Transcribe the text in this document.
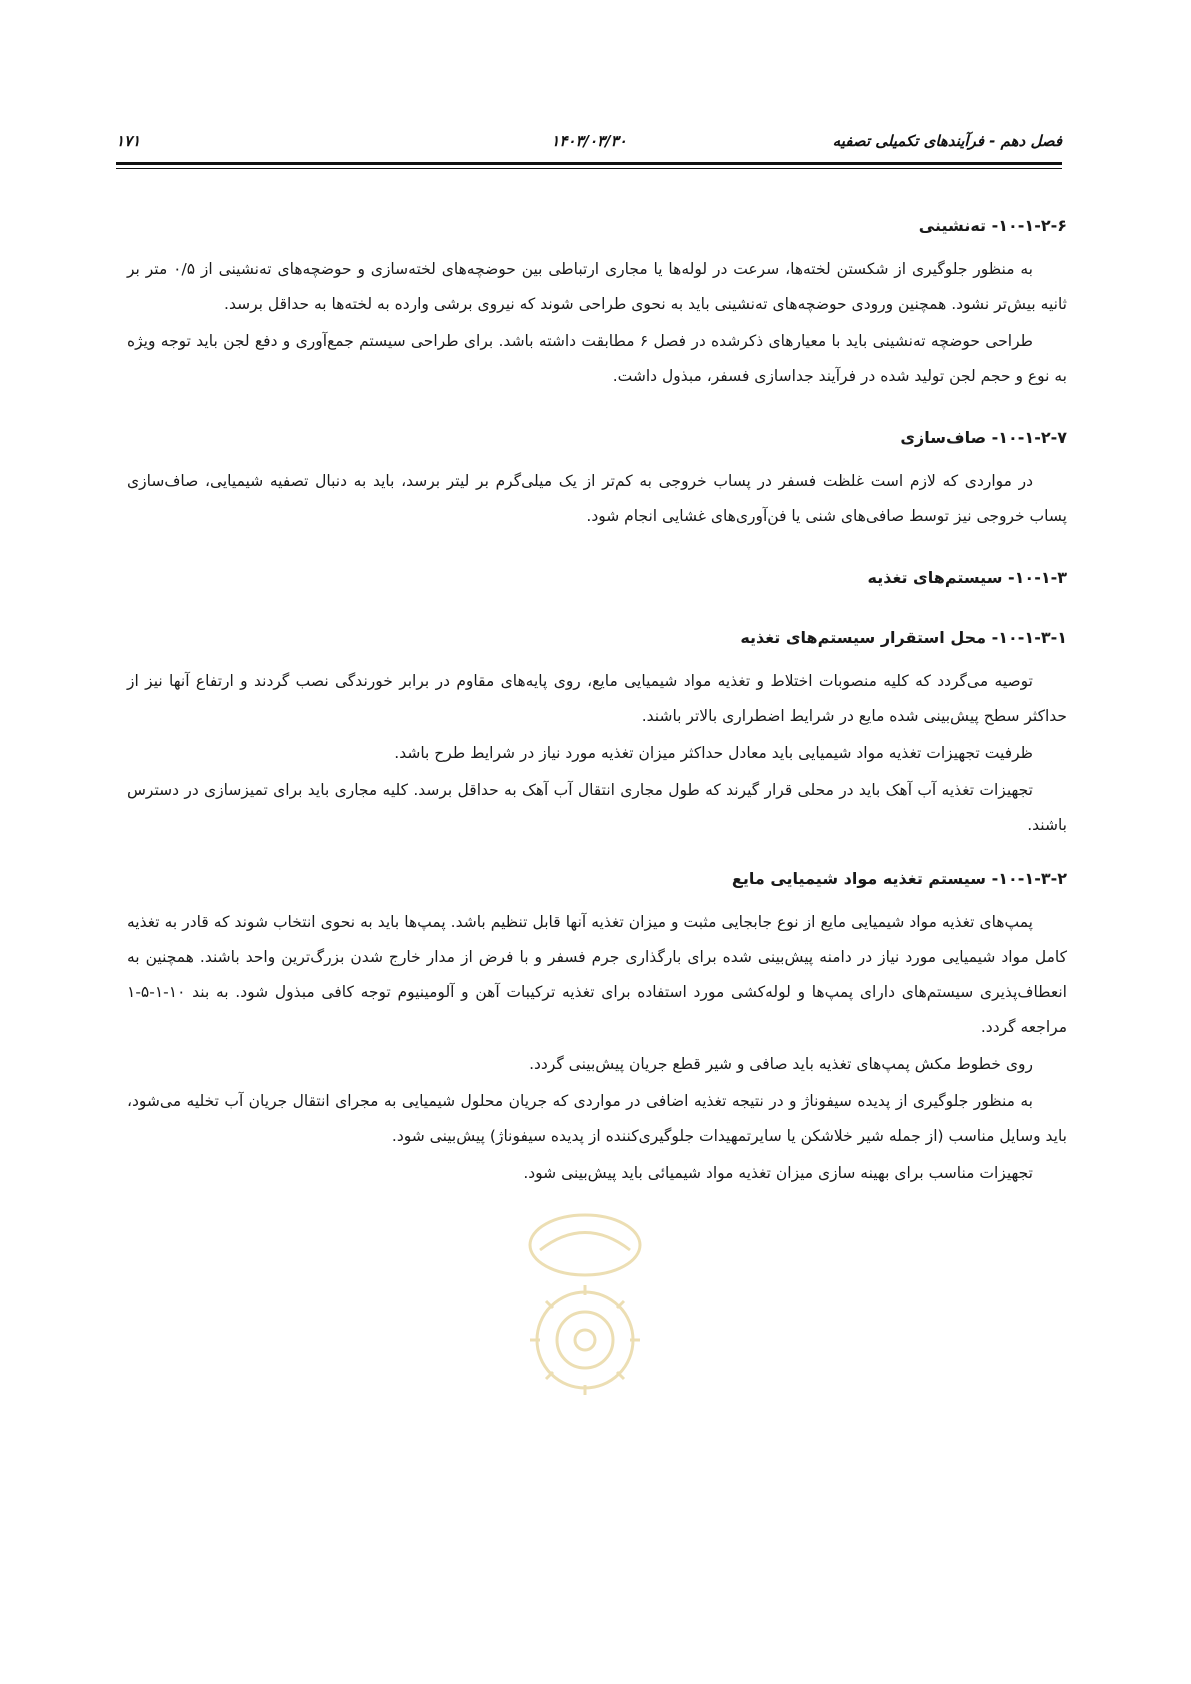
فصل دهم - فرآیندهای تکمیلی تصفیه
۱۴۰۳/۰۳/۳۰
۱۷۱
۱۰-۱-۲-۶- ته‌نشینی

به منظور جلوگیری از شکستن لخته‌ها، سرعت در لوله‌ها یا مجاری ارتباطی بین حوضچه‌های لخته‌سازی و حوضچه‌های ته‌نشینی از ۰/۵ متر بر ثانیه بیش‌تر نشود. همچنین ورودی حوضچه‌های ته‌نشینی باید به نحوی طراحی شوند که نیروی برشی وارده به لخته‌ها به حداقل برسد.

طراحی حوضچه ته‌نشینی باید با معیارهای ذکرشده در فصل ۶ مطابقت داشته باشد. برای طراحی سیستم جمع‌آوری و دفع لجن باید توجه ویژه به نوع و حجم لجن تولید شده در فرآیند جداسازی فسفر، مبذول داشت.

۱۰-۱-۲-۷- صاف‌سازی

در مواردی که لازم است غلظت فسفر در پساب خروجی به کم‌تر از یک میلی‌گرم بر لیتر برسد، باید به دنبال تصفیه شیمیایی، صاف‌سازی پساب خروجی نیز توسط صافی‌های شنی یا فن‌آوری‌های غشایی انجام شود.

۱۰-۱-۳- سیستم‌های تغذیه
۱۰-۱-۳-۱- محل استقرار سیستم‌های تغذیه

توصیه می‌گردد که کلیه منصوبات اختلاط و تغذیه مواد شیمیایی مایع، روی پایه‌های مقاوم در برابر خورندگی نصب گردند و ارتفاع آنها نیز از حداکثر سطح پیش‌بینی شده مایع در شرایط اضطراری بالاتر باشند.

ظرفیت تجهیزات تغذیه مواد شیمیایی باید معادل حداکثر میزان تغذیه مورد نیاز در شرایط طرح باشد.

تجهیزات تغذیه آب آهک باید در محلی قرار گیرند که طول مجاری انتقال آب آهک به حداقل برسد. کلیه مجاری باید برای تمیزسازی در دسترس باشند.

۱۰-۱-۳-۲- سیستم تغذیه مواد شیمیایی مایع

پمپ‌های تغذیه مواد شیمیایی مایع از نوع جابجایی مثبت و میزان تغذیه آنها قابل تنظیم باشد. پمپ‌ها باید به نحوی انتخاب شوند که قادر به تغذیه کامل مواد شیمیایی مورد نیاز در دامنه پیش‌بینی شده برای بارگذاری جرم فسفر و با فرض از مدار خارج شدن بزرگ‌ترین واحد باشند. همچنین به انعطاف‌پذیری سیستم‌های دارای پمپ‌ها و لوله‌کشی مورد استفاده برای تغذیه ترکیبات آهن و آلومینیوم توجه کافی مبذول شود. به بند ۱۰-۱-۵-۱ مراجعه گردد.

روی خطوط مکش پمپ‌های تغذیه باید صافی و شیر قطع جریان پیش‌بینی گردد.

به منظور جلوگیری از پدیده سیفوناژ و در نتیجه تغذیه اضافی در مواردی که جریان محلول شیمیایی به مجرای انتقال جریان آب تخلیه می‌شود، باید وسایل مناسب (از جمله شیر خلاشکن یا سایرتمهیدات جلوگیری‌کننده از پدیده سیفوناژ) پیش‌بینی شود.

تجهیزات مناسب برای بهینه سازی میزان تغذیه مواد شیمیائی باید پیش‌بینی شود.
